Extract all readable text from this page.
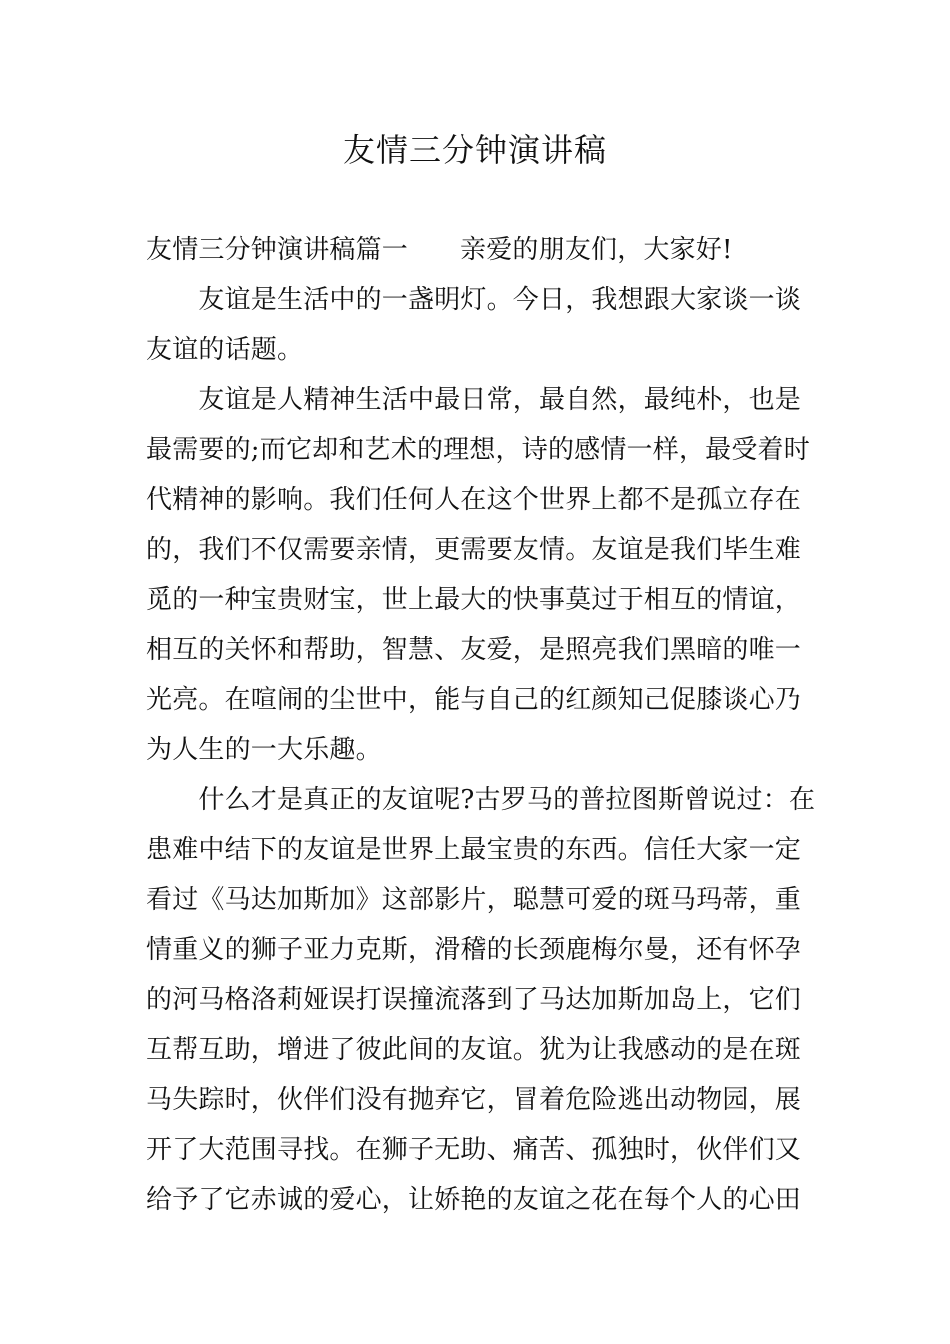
友情三分钟演讲稿
友情三分钟演讲稿篇一 亲爱的朋友们，大家好!
　　友谊是生活中的一盏明灯。今日，我想跟大家谈一谈
友谊的话题。
　　友谊是人精神生活中最日常，最自然，最纯朴，也是
最需要的;而它却和艺术的理想，诗的感情一样，最受着时
代精神的影响。我们任何人在这个世界上都不是孤立存在
的，我们不仅需要亲情，更需要友情。友谊是我们毕生难
觅的一种宝贵财宝，世上最大的快事莫过于相互的情谊，
相互的关怀和帮助，智慧、友爱，是照亮我们黑暗的唯一
光亮。在喧闹的尘世中，能与自己的红颜知己促膝谈心乃
为人生的一大乐趣。
　　什么才是真正的友谊呢?古罗马的普拉图斯曾说过：在
患难中结下的友谊是世界上最宝贵的东西。信任大家一定
看过《马达加斯加》这部影片，聪慧可爱的斑马玛蒂，重
情重义的狮子亚力克斯，滑稽的长颈鹿梅尔曼，还有怀孕
的河马格洛莉娅误打误撞流落到了马达加斯加岛上，它们
互帮互助，增进了彼此间的友谊。犹为让我感动的是在斑
马失踪时，伙伴们没有抛弃它，冒着危险逃出动物园，展
开了大范围寻找。在狮子无助、痛苦、孤独时，伙伴们又
给予了它赤诚的爱心，让娇艳的友谊之花在每个人的心田
